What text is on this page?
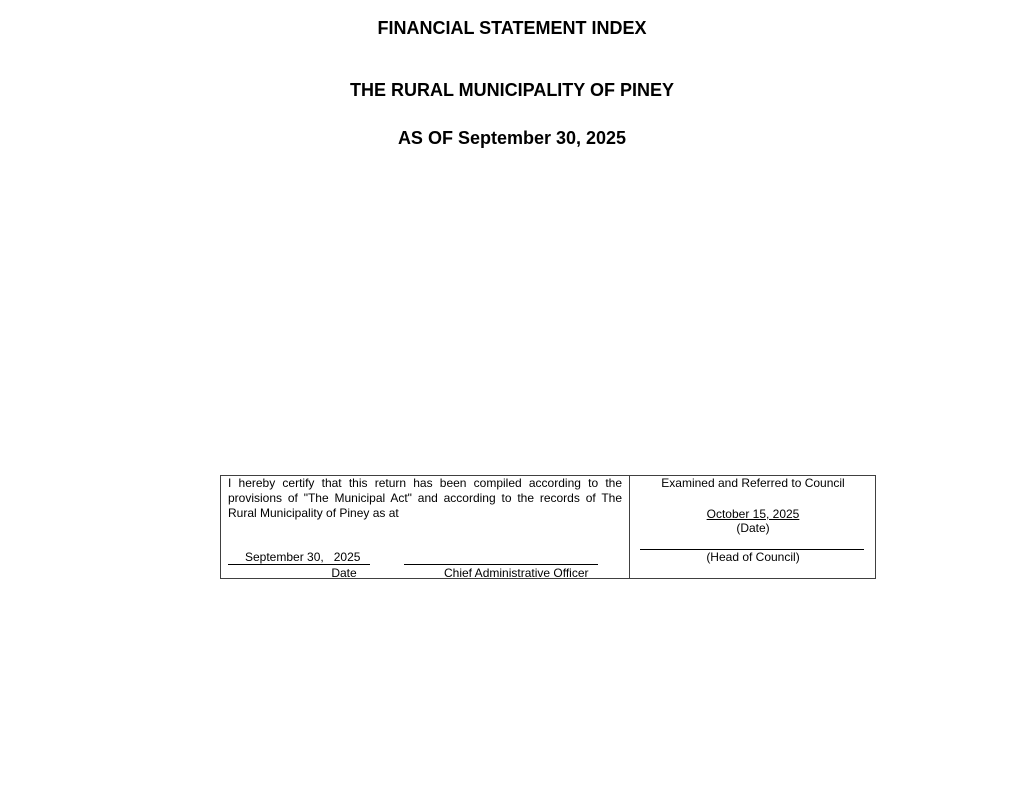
FINANCIAL STATEMENT INDEX
THE RURAL MUNICIPALITY OF PINEY
AS OF September 30, 2025
I hereby certify that this return has been compiled according to the provisions of "The Municipal Act" and according to the records of The Rural Municipality of Piney as at
September 30,   2025
Date	Chief Administrative Officer
Examined and Referred to Council
October 15, 2025
(Date)
(Head of Council)
